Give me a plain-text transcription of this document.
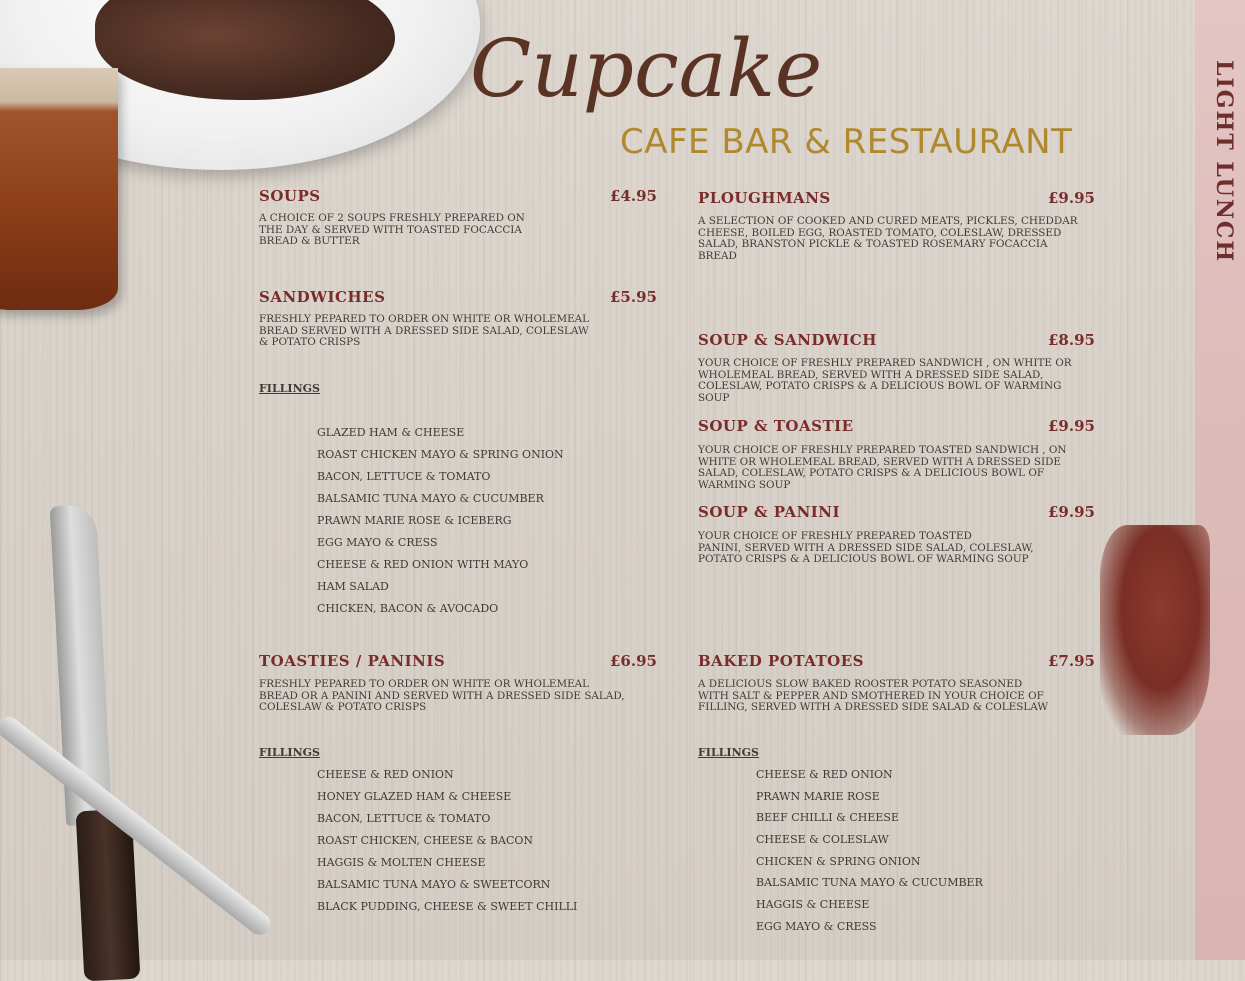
LIGHT LUNCH
Cupcake
CAFE BAR & RESTAURANT
SOUPS	£4.95
A CHOICE OF 2 SOUPS FRESHLY PREPARED ON
THE DAY & SERVED WITH TOASTED FOCACCIA
BREAD & BUTTER
SANDWICHES	£5.95
FRESHLY PEPARED TO ORDER ON WHITE OR WHOLEMEAL
BREAD SERVED WITH A DRESSED SIDE SALAD, COLESLAW
& POTATO CRISPS
FILLINGS
GLAZED HAM & CHEESE
ROAST CHICKEN MAYO & SPRING ONION
BACON, LETTUCE & TOMATO
BALSAMIC TUNA MAYO & CUCUMBER
PRAWN MARIE ROSE & ICEBERG
EGG MAYO & CRESS
CHEESE & RED ONION WITH MAYO
HAM SALAD
CHICKEN, BACON & AVOCADO
TOASTIES / PANINIS	£6.95
FRESHLY PEPARED TO ORDER ON WHITE OR WHOLEMEAL
BREAD OR A PANINI AND SERVED WITH A DRESSED SIDE SALAD,
COLESLAW & POTATO CRISPS
FILLINGS
CHEESE & RED ONION
HONEY GLAZED HAM & CHEESE
BACON, LETTUCE & TOMATO
ROAST CHICKEN, CHEESE & BACON
HAGGIS & MOLTEN CHEESE
BALSAMIC TUNA MAYO & SWEETCORN
BLACK PUDDING, CHEESE & SWEET CHILLI
PLOUGHMANS	£9.95
A SELECTION OF COOKED AND CURED MEATS, PICKLES, CHEDDAR
CHEESE, BOILED EGG, ROASTED TOMATO, COLESLAW, DRESSED
SALAD, BRANSTON PICKLE & TOASTED ROSEMARY FOCACCIA
BREAD
SOUP & SANDWICH	£8.95
YOUR CHOICE OF FRESHLY PREPARED SANDWICH , ON WHITE OR
WHOLEMEAL BREAD, SERVED WITH A DRESSED SIDE SALAD,
COLESLAW, POTATO CRISPS & A DELICIOUS BOWL OF WARMING
SOUP
SOUP & TOASTIE	£9.95
YOUR CHOICE OF FRESHLY PREPARED TOASTED SANDWICH , ON
WHITE OR WHOLEMEAL BREAD, SERVED WITH A DRESSED SIDE
SALAD, COLESLAW, POTATO CRISPS & A DELICIOUS BOWL OF
WARMING SOUP
SOUP & PANINI	£9.95
YOUR CHOICE OF FRESHLY PREPARED TOASTED
PANINI, SERVED WITH A DRESSED SIDE SALAD, COLESLAW,
POTATO CRISPS & A DELICIOUS BOWL OF WARMING SOUP
BAKED POTATOES	£7.95
A DELICIOUS SLOW BAKED ROOSTER POTATO SEASONED
WITH SALT & PEPPER AND SMOTHERED IN YOUR CHOICE OF
FILLING, SERVED WITH A DRESSED SIDE SALAD & COLESLAW
FILLINGS
CHEESE & RED ONION
PRAWN MARIE ROSE
BEEF CHILLI & CHEESE
CHEESE & COLESLAW
CHICKEN & SPRING ONION
BALSAMIC TUNA MAYO & CUCUMBER
HAGGIS & CHEESE
EGG MAYO & CRESS
